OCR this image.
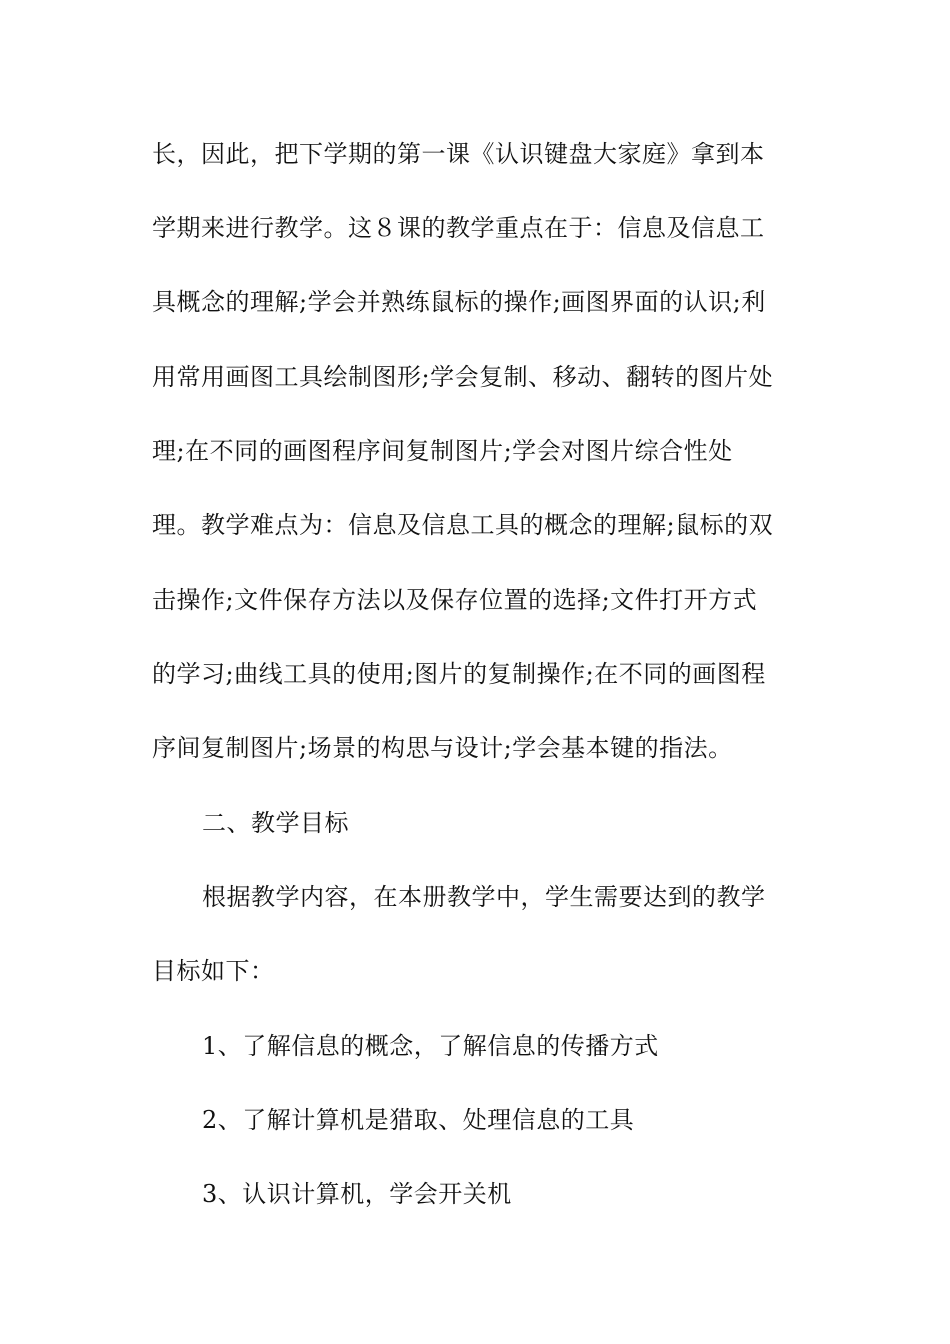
长，因此，把下学期的第一课《认识键盘大家庭》拿到本
学期来进行教学。这８课的教学重点在于：信息及信息工
具概念的理解;学会并熟练鼠标的操作;画图界面的认识;利
用常用画图工具绘制图形;学会复制、移动、翻转的图片处
理;在不同的画图程序间复制图片;学会对图片综合性处
理。教学难点为：信息及信息工具的概念的理解;鼠标的双
击操作;文件保存方法以及保存位置的选择;文件打开方式
的学习;曲线工具的使用;图片的复制操作;在不同的画图程
序间复制图片;场景的构思与设计;学会基本键的指法。
二、教学目标
根据教学内容，在本册教学中，学生需要达到的教学
目标如下：
1、了解信息的概念，了解信息的传播方式
2、了解计算机是猎取、处理信息的工具
3、认识计算机，学会开关机
